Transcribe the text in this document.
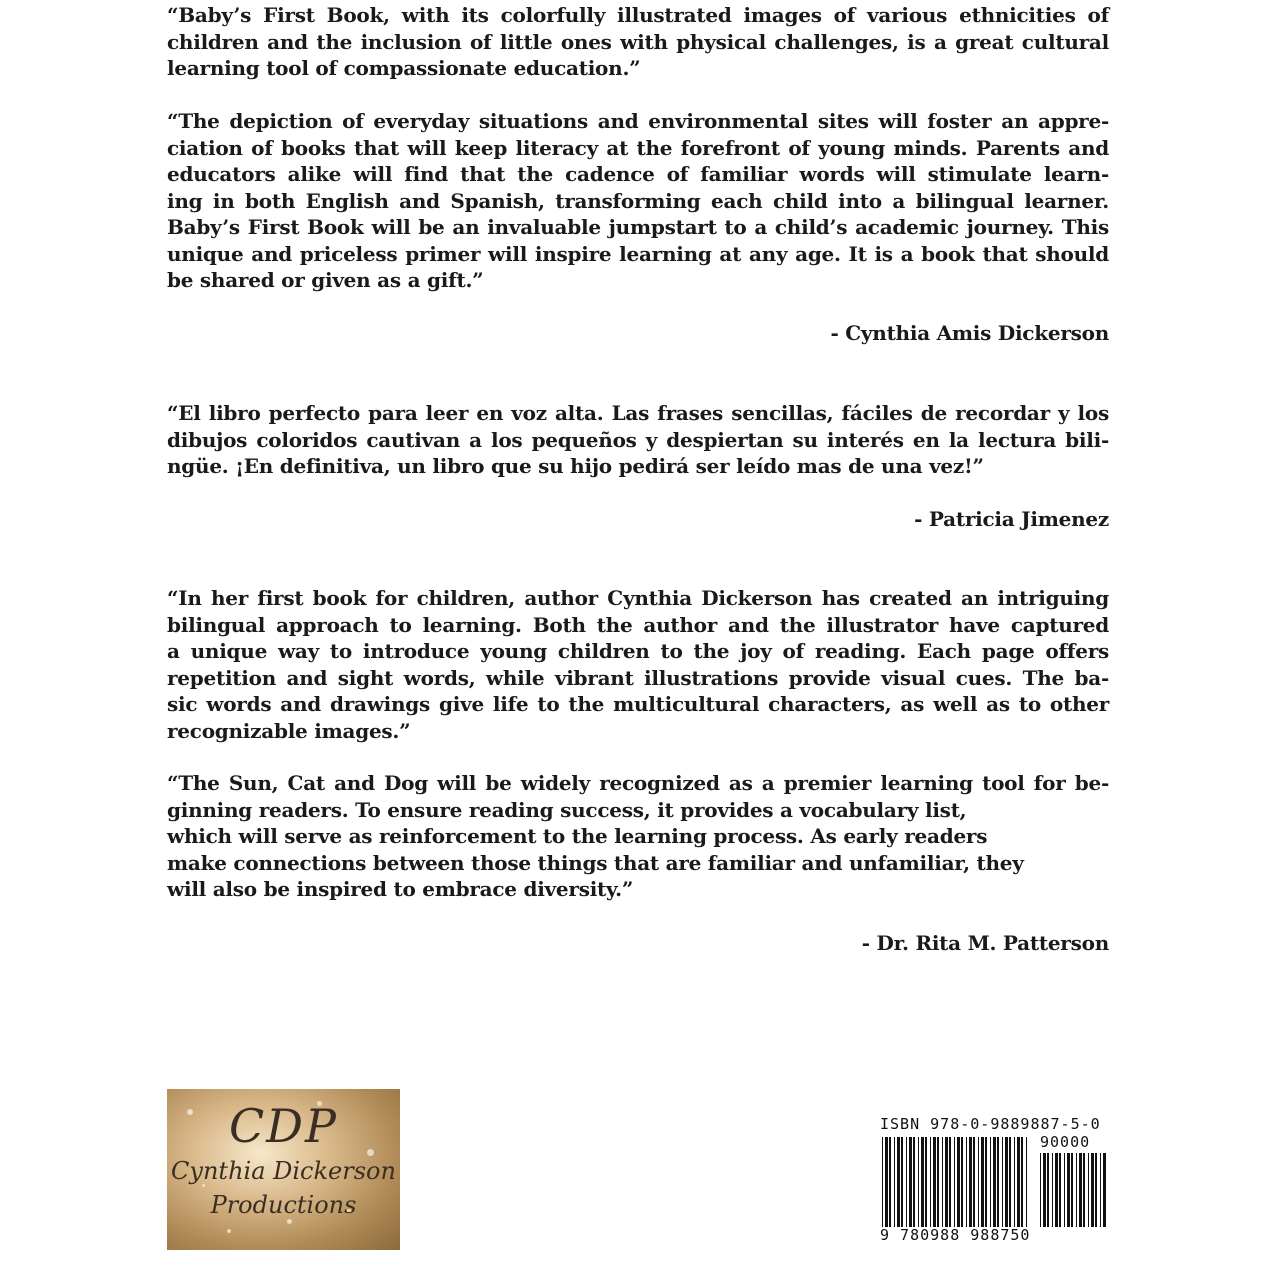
“Baby’s First Book, with its colorfully illustrated images of various ethnicities of
children and the inclusion of little ones with physical challenges, is a great cultural
learning tool of compassionate education.”
“The depiction of everyday situations and environmental sites will foster an appre-
ciation of books that will keep literacy at the forefront of young minds. Parents and
educators alike will find that the cadence of familiar words will stimulate learn-
ing in both English and Spanish, transforming each child into a bilingual learner.
Baby’s First Book will be an invaluable jumpstart to a child’s academic journey. This
unique and priceless primer will inspire learning at any age. It is a book that should
be shared or given as a gift.”
- Cynthia Amis Dickerson
“El libro perfecto para leer en voz alta. Las frases sencillas, fáciles de recordar y los
dibujos coloridos cautivan a los pequeños y despiertan su interés en la lectura bili-
ngüe. ¡En definitiva, un libro que su hijo pedirá ser leído mas de una vez!”
- Patricia Jimenez
“In her first book for children, author Cynthia Dickerson has created an intriguing
bilingual approach to learning. Both the author and the illustrator have captured
a unique way to introduce young children to the joy of reading. Each page offers
repetition and sight words, while vibrant illustrations provide visual cues. The ba-
sic words and drawings give life to the multicultural characters, as well as to other
recognizable images.”
“The Sun, Cat and Dog will be widely recognized as a premier learning tool for be-
ginning readers. To ensure reading success, it provides a vocabulary list,
which will serve as reinforcement to the learning process. As early readers
make connections between those things that are familiar and unfamiliar, they
will also be inspired to embrace diversity.”
- Dr. Rita M. Patterson
CDP
Cynthia Dickerson
Productions
ISBN 978-0-9889887-5-0
90000
9 780988 988750
